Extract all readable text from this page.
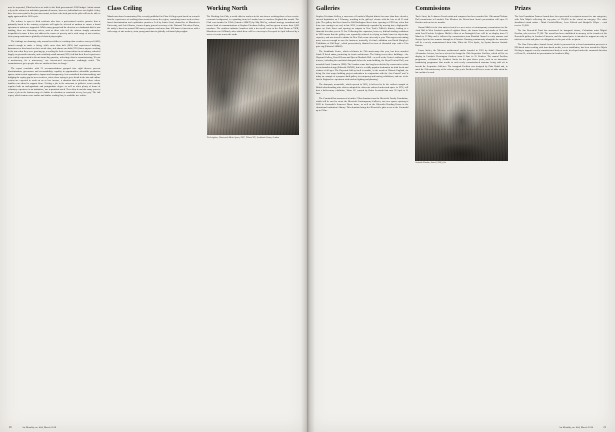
now be requested, Ultra has been set aside in the Irish government's 2018 budget. Artists cannot rely on the scheme for indefinite guaranteed income, however; individuals are not eligible if they have been successful in the previous round, as those who took part in the pilot will not be able to apply again until the 2020 cycle.

The scheme is open to Irish residents who have a professional creative practice that is primarily based in the country; recipients will again be selected at random to ensure a broad spectrum of artists are supported. While many groups hail the decision as a landmark shift in arts funding, there are dissenting voices, such as those who feel the scheme simply entrenches inequalities because it does not address the causes of poverty and a wide range of arts workers, from young musicians to globally celebrated playwrights.

The findings are damning: only around two-fifths of working-class creatives surveyed (44%) earned enough to make a living, while more than half (58%) had experienced bullying, harassment or bias based on their social class, and almost one-fifth (23%) knew anyone working in the arts when they were growing up, revealing the lack of connections in an industry schooled largely on personal networks, and a similarly small amount (18%) felt that their lived experiences were widely represented in the art forms they practise, reflecting a bias in commissioning. 'It's not a meritocracy, it's a microcracy,' one interviewed screenwriter scathingly noted. 'The commissioners go to people who are similar to those in charge.'

The report concludes with 21 recommendations grouped into eight themes: prevent discrimination; governance and accountability; equality in opportunities; affordable production spaces; artist-centric approaches; impact and transparency; less-centralised decision-making; and bridging the equity gap for new creatives, where those trying to get a break in the arts and culture sectors are expected to work on no or low income, a situation that self-selects those whose families can afford to support them. 'Getting a job in the museums or galleries sector usually requires both an undergraduate and postgraduate degree as well as often plenty of hours of voluntary experience in an institution,' one respondent noted. 'Even then it can take many years to secure a job on the bottom rung of a ladder in education or curatorial at very low pay.' The full report, which features case studies and further reading lists, is available free online.

Class Ceiling

Manchester-based commentary Rise recently published its Class Ceiling report based on research into the experiences of working-class creatives across the region, examining issues such as class-based discrimination and exploitative practices. Led by Samir Afzal, chancellor of Manchester University, and Aria Gilmore, former deputy general secretary of the National Television Union, the study is based on around 300 survey responses and more than 100 hours of interviews with a wide range of arts workers, from young musicians to globally celebrated playwrights.

Working North

The Working Arts Club, a social club for workers in the arts from a working-class or lower socio-economic background, is expanding from its London base to northern England this month. The Club was founded in 2024 (Artnotes AM478) by Maj McCoy, cultural strategy consultant and former head of communications at Stephen Friedman Gallery, and has grown to more than 1,000 members. The northern initiative launches with a free-to-all event in the Pink Room at YKK, Manchester on 24 March, after which there will be a meet-up in Liverpool in April followed by a series of events across the north.

The Leighton, Chatsworth Music Space, 2007, 'Ellerte NO', Southbank Centre, London
20	Art Monthly no. 464, March 2018
Galleries

Stephen Friedman Gallery, a successor of London's Mayfair district for more than three decades, entered liquidation on 2 February, resulting in the gallery's closure with the loss of all 25 staff jobs. The gallery had been based in Old Burlington Street since opening in 1995 but, when this lease was coming to an end, in late 2025, it ambitiously expanded by moving into a high-profile space on Cork Street and opening an outpost in New York's TriBeCa district, leading to a financial loss that year of £1.2m. Following this expansion, however, difficult trading conditions in 2026 meant that the gallery was reportedly reduced to relying on bank loans for day-to-day expenses, and was forced to shutter its New York venue after only a year. This urgent cost-cutting move was not enough to save the business; ironically, it's final exhibition was David Shrigley's 'Exhibition of Old Rope', which provocatively flaunted ten tons of discarded rope with a £1m price tag (Editorial AM462).

The Southbank Centre, which celebrates its 75th anniversary this year, has been awarded Grade II listed status, protecting its iconic architecture. The listing covers three buildings – the Hayward Gallery, Purcell Room and Queen Elizabeth Hall – as well as the Centre's walkways and terraces, including the unofficial skatepark below the main building, the Royal Festival Hall, was awarded Grade I status in 1988). The London venue has long been derided by conservative critics for its brutalist design (Editorial AM365), but it is a wildly popular destination for both locals and visitors of all ages. The Hayward Gallery itself is notable, in the words of Historic England, for being 'the first major building project undertaken in conjunction with the Arts Council' and 'is today an example of a purpose-built gallery for temporary and touring exhibitions, and one of the first in England to experiment with modern lighting and planning'.

The skatepark, meanwhile, which opened in 2005, is believed to be the earliest example of British skateboarding after skaters adopted the otherwise unloved undercroft space in 1976, will host a half-century exhibition, 'Skate 50', curated by Oskar Lewinski that runs 30 April to 31 June.

The Courtauld has announced a further £10m donation from the Bleavicki Family Foundation, which will be used to create the Bleavicki Contemporary Galleries, two new spaces opening in 2029 in Courtauld's Somerset House home, as well as the Bleavicki Reading Room in the educational institution's library. This donation brings the Bleavicki's gifts so far to the Courtauld up to £20m.

Commissions

Tarek Atoui, the Lebanese-French artist and composer has been awarded the 11th annual Turbine Hall commission at London's Tate Modern; the Beirut-born Atoui's presentation will open 25 October and run for six months.

Rumui Mallet is the first artist selected in a new series of contemporary commissions for the Arab Hall in West London's opulent Leighton House, the former home and studio of Victorian artist Lord Frederic Leighton. Mallet's Atlas of an Entangled Gaze will be on display from 21 March to 13 May and is followed by commissions from Kamilah Ahmed in early summer and Soraya Syed in late summer through to 4 October. Running continuously alongside the artworks will be a newly commissioned short film, When the Tiles Spoke, by Syrian director Souhale Kaadan.

Laura Atelier, the Mexican architectural studio founded in 2015 by Isabel Abascal and Alessandro Arienzo, has been selected to design the 25th Serpentine Pavilion, which will be on display in London's Kensington Gardens from 6 June to 25 October. The annual Pavilion programme, celebrated by Architect Sachs for the past dozen years, took in an innovative fundraising programme that results in each newly commissioned structure being sold off to benefit the Serpentine Galleries. The inaugural Pavilion was designed by Zaha Hadid and, to mark the 25th anniversary of the scheme, this year's Pavilion will host a series of talks about the late architect's work.

Soulaide Kaadan, Stencil, 2026, film
Prizes

The Arts Foundation Futures Awards have been presented to recipients across five arts categories, with Erin Majali collecting the top prize of £20,000 in the visual art category. The other shortlisted visual artists – Mark Corfield-Moore, Jesse Pollock and Shaqkelle Whyte – each receive £5,000.

The Ian Rosenfeld Fund has announced its inaugural winner, Colombian artist Miguel Escobar, who receives £7,500. The award has been established in memory of the founder of the Rosenfeld gallery in London's Fitzrovia, and the annual prize is intended to support an early to mid-career artist and places no obligations on the part of the recipient.

The Vane Fairweather Annual Award, which is presented via a closed nomination process to a UK-based artist working with time-based media, text or installation, has been awarded to Myria Nieling to support a newly commissioned body of work, developed under the curatorial direction of Fiona Ye, scheduled for presentation in London in May.

21
Art Monthly no. 464, March 2018
